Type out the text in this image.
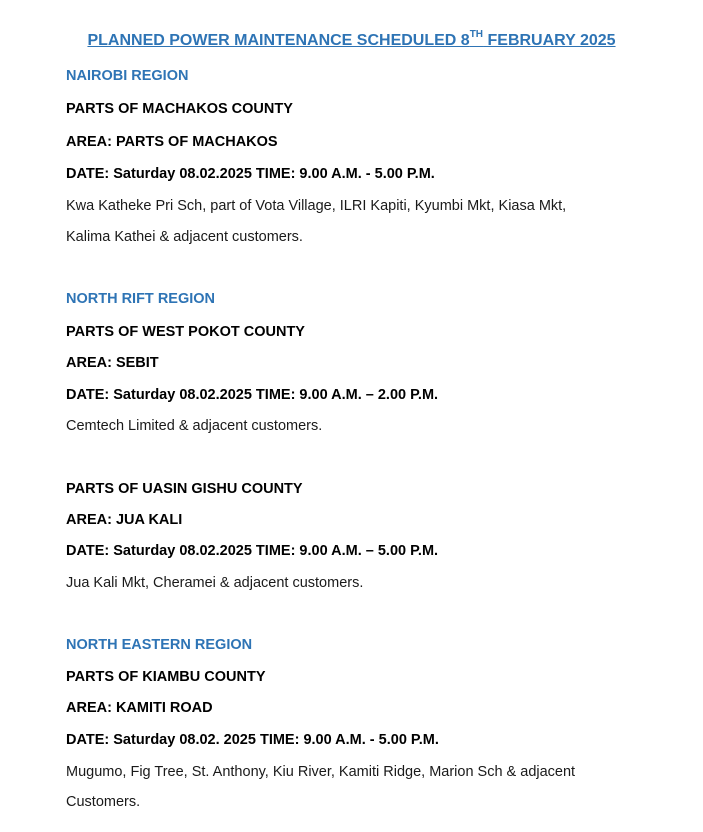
PLANNED POWER MAINTENANCE SCHEDULED 8TH FEBRUARY 2025
NAIROBI REGION
PARTS OF MACHAKOS COUNTY
AREA: PARTS OF MACHAKOS
DATE: Saturday 08.02.2025 TIME: 9.00 A.M. - 5.00 P.M.
Kwa Katheke Pri Sch, part of Vota Village, ILRI Kapiti, Kyumbi Mkt, Kiasa Mkt,
Kalima Kathei & adjacent customers.
NORTH RIFT REGION
PARTS OF WEST POKOT COUNTY
AREA: SEBIT
DATE: Saturday 08.02.2025 TIME: 9.00 A.M. – 2.00 P.M.
Cemtech Limited & adjacent customers.
PARTS OF UASIN GISHU COUNTY
AREA: JUA KALI
DATE: Saturday 08.02.2025 TIME: 9.00 A.M. – 5.00 P.M.
Jua Kali Mkt, Cheramei & adjacent customers.
NORTH EASTERN REGION
PARTS OF KIAMBU COUNTY
AREA: KAMITI ROAD
DATE: Saturday 08.02. 2025 TIME: 9.00 A.M. - 5.00 P.M.
Mugumo, Fig Tree, St. Anthony, Kiu River, Kamiti Ridge, Marion Sch & adjacent
Customers.
